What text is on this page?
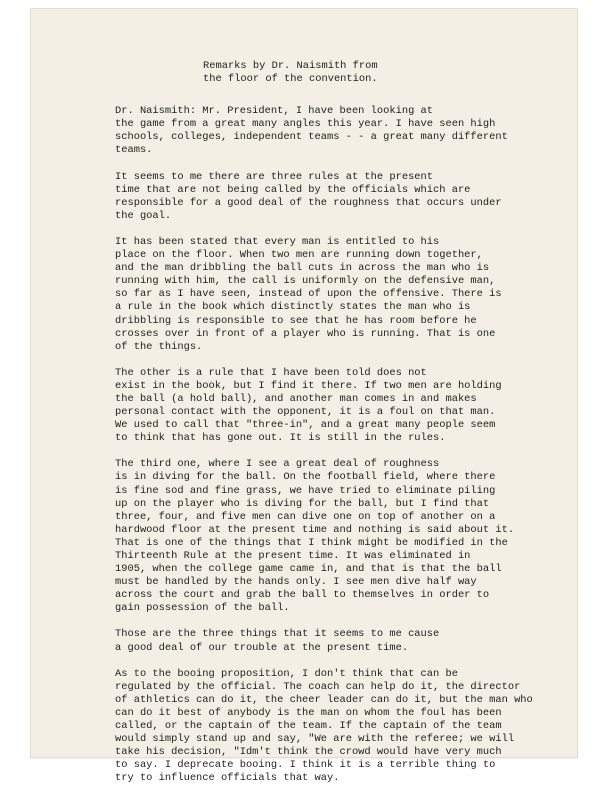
Remarks by Dr. Naismith from
the floor of the convention.
Dr. Naismith: Mr. President, I have been looking at
the game from a great many angles this year. I have seen high
schools, colleges, independent teams - - a great many different
teams.
It seems to me there are three rules at the present
time that are not being called by the officials which are
responsible for a good deal of the roughness that occurs under
the goal.
It has been stated that every man is entitled to his
place on the floor. When two men are running down together,
and the man dribbling the ball cuts in across the man who is
running with him, the call is uniformly on the defensive man,
so far as I have seen, instead of upon the offensive. There is
a rule in the book which distinctly states the man who is
dribbling is responsible to see that he has room before he
crosses over in front of a player who is running. That is one
of the things.
The other is a rule that I have been told does not
exist in the book, but I find it there. If two men are holding
the ball (a hold ball), and another man comes in and makes
personal contact with the opponent, it is a foul on that man.
We used to call that "three-in", and a great many people seem
to think that has gone out. It is still in the rules.
The third one, where I see a great deal of roughness
is in diving for the ball. On the football field, where there
is fine sod and fine grass, we have tried to eliminate piling
up on the player who is diving for the ball, but I find that
three, four, and five men can dive one on top of another on a
hardwood floor at the present time and nothing is said about it.
That is one of the things that I think might be modified in the
Thirteenth Rule at the present time. It was eliminated in
1905, when the college game came in, and that is that the ball
must be handled by the hands only. I see men dive half way
across the court and grab the ball to themselves in order to
gain possession of the ball.
Those are the three things that it seems to me cause
a good deal of our trouble at the present time.
As to the booing proposition, I don't think that can be
regulated by the official. The coach can help do it, the director
of athletics can do it, the cheer leader can do it, but the man who
can do it best of anybody is the man on whom the foul has been
called, or the captain of the team. If the captain of the team
would simply stand up and say, "We are with the referee; we will
take his decision, "Idm't think the crowd would have very much
to say. I deprecate booing. I think it is a terrible thing to
try to influence officials that way.
